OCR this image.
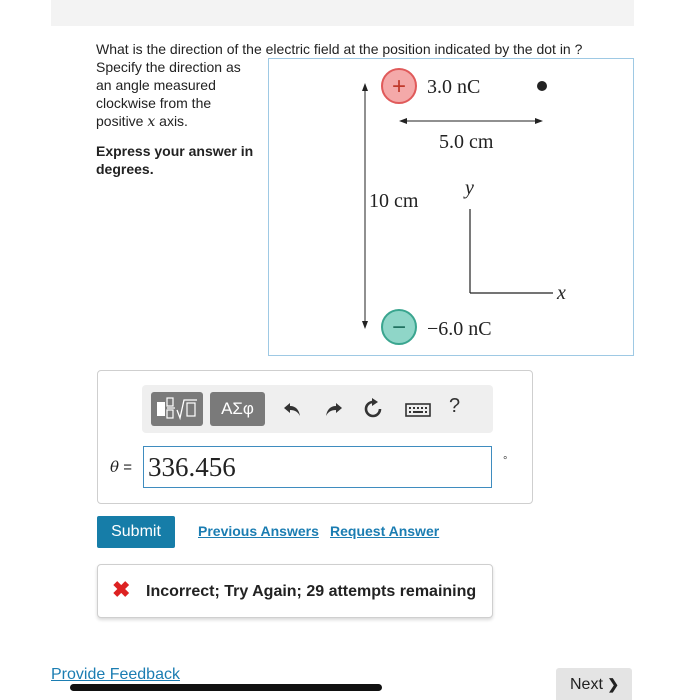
What is the direction of the electric field at the position indicated by the dot in ?
Specify the direction as an angle measured clockwise from the positive x axis.
Express your answer in degrees.
10 cm
+ 3.0 nC
5.0 cm
y
x
− −6.0 nC
ΑΣφ	?
θ = 336.456	°
Submit	Previous Answers Request Answer
✖ Incorrect; Try Again; 29 attempts remaining
Provide Feedback
Next ❯
